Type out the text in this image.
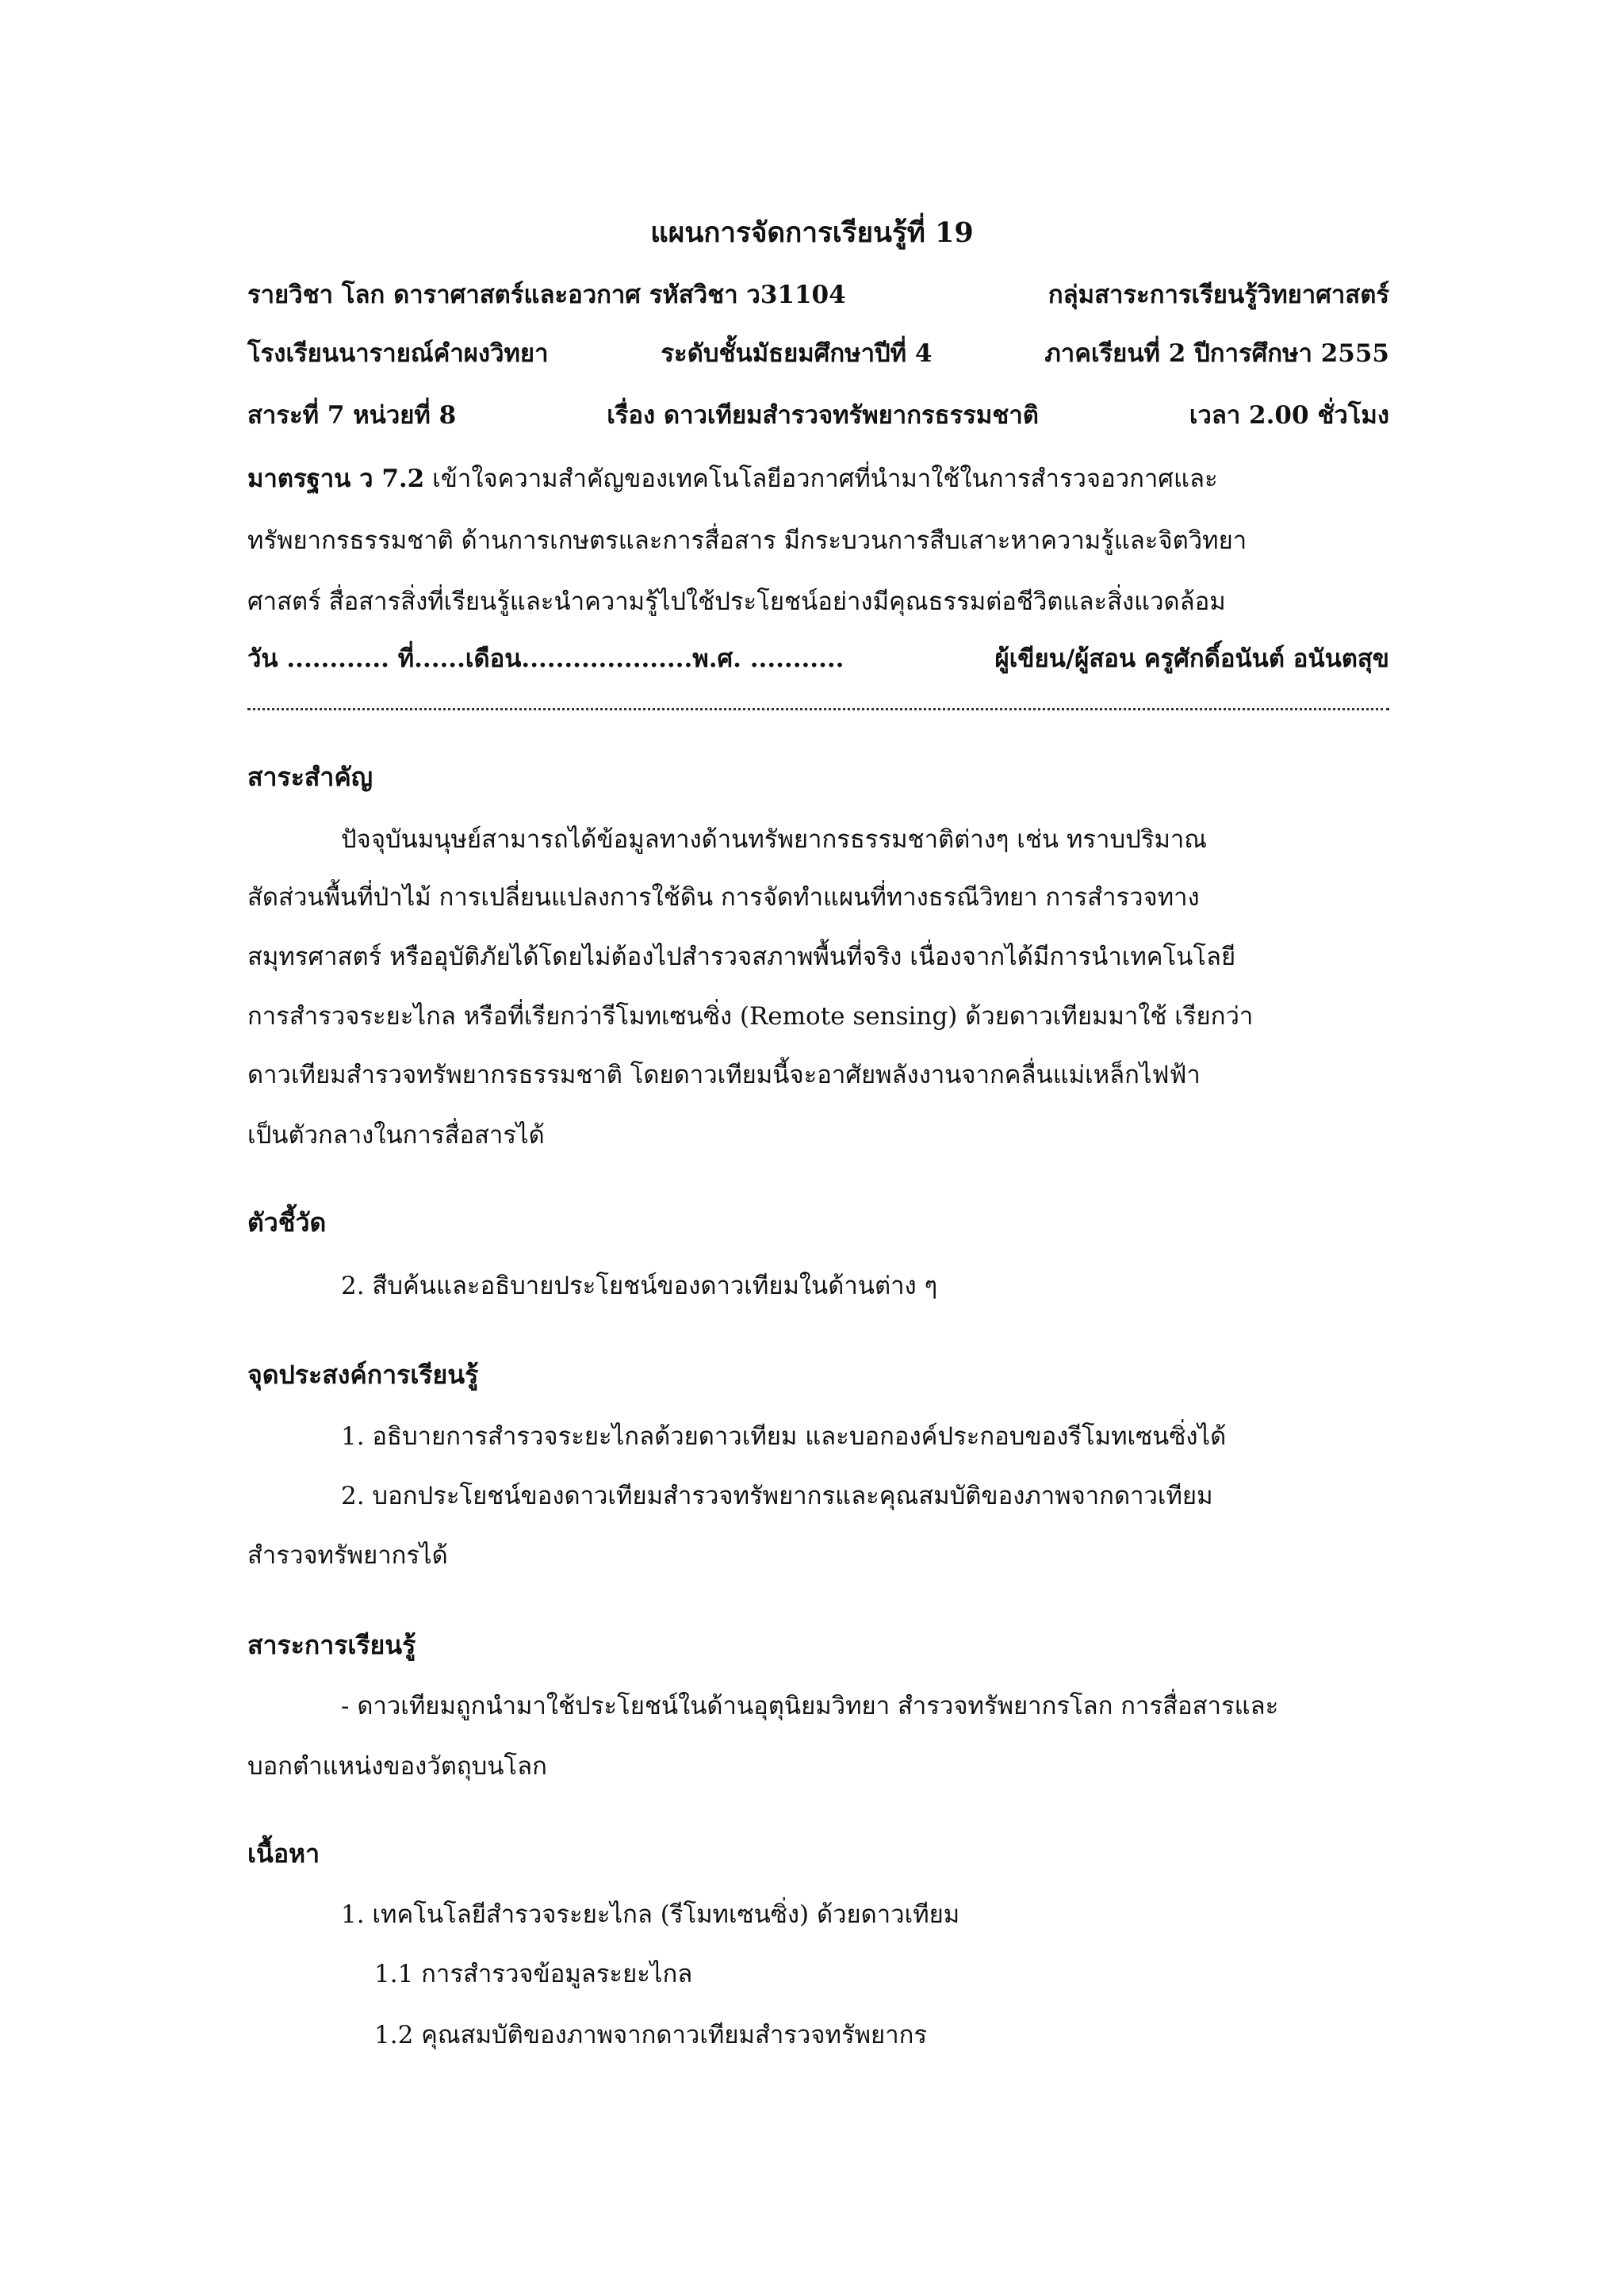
แผนการจัดการเรียนรู้ที่ 19
รายวิชา โลก ดาราศาสตร์และอวกาศ รหัสวิชา ว31104	กลุ่มสาระการเรียนรู้วิทยาศาสตร์
โรงเรียนนารายณ์คำผงวิทยา	ระดับชั้นมัธยมศึกษาปีที่ 4	ภาคเรียนที่ 2 ปีการศึกษา 2555
สาระที่ 7 หน่วยที่ 8	เรื่อง ดาวเทียมสำรวจทรัพยากรธรรมชาติ	เวลา 2.00 ชั่วโมง
มาตรฐาน ว 7.2 เข้าใจความสำคัญของเทคโนโลยีอวกาศที่นำมาใช้ในการสำรวจอวกาศและ
ทรัพยากรธรรมชาติ ด้านการเกษตรและการสื่อสาร มีกระบวนการสืบเสาะหาความรู้และจิตวิทยา
ศาสตร์ สื่อสารสิ่งที่เรียนรู้และนำความรู้ไปใช้ประโยชน์อย่างมีคุณธรรมต่อชีวิตและสิ่งแวดล้อม
วัน ............ ที่......เดือน....................พ.ศ. ...........	ผู้เขียน/ผู้สอน ครูศักดิ์อนันต์ อนันตสุข
สาระสำคัญ
ปัจจุบันมนุษย์สามารถได้ข้อมูลทางด้านทรัพยากรธรรมชาติต่างๆ เช่น ทราบปริมาณ
สัดส่วนพื้นที่ป่าไม้ การเปลี่ยนแปลงการใช้ดิน การจัดทำแผนที่ทางธรณีวิทยา การสำรวจทาง
สมุทรศาสตร์ หรืออุบัติภัยได้โดยไม่ต้องไปสำรวจสภาพพื้นที่จริง เนื่องจากได้มีการนำเทคโนโลยี
การสำรวจระยะไกล หรือที่เรียกว่ารีโมทเซนซิ่ง (Remote sensing) ด้วยดาวเทียมมาใช้ เรียกว่า
ดาวเทียมสำรวจทรัพยากรธรรมชาติ โดยดาวเทียมนี้จะอาศัยพลังงานจากคลื่นแม่เหล็กไฟฟ้า
เป็นตัวกลางในการสื่อสารได้
ตัวชี้วัด
2. สืบค้นและอธิบายประโยชน์ของดาวเทียมในด้านต่าง ๆ
จุดประสงค์การเรียนรู้
1. อธิบายการสำรวจระยะไกลด้วยดาวเทียม และบอกองค์ประกอบของรีโมทเซนซิ่งได้
2. บอกประโยชน์ของดาวเทียมสำรวจทรัพยากรและคุณสมบัติของภาพจากดาวเทียม
สำรวจทรัพยากรได้
สาระการเรียนรู้
- ดาวเทียมถูกนำมาใช้ประโยชน์ในด้านอุตุนิยมวิทยา สำรวจทรัพยากรโลก การสื่อสารและ
บอกตำแหน่งของวัตถุบนโลก
เนื้อหา
1. เทคโนโลยีสำรวจระยะไกล (รีโมทเซนซิ่ง) ด้วยดาวเทียม
1.1 การสำรวจข้อมูลระยะไกล
1.2 คุณสมบัติของภาพจากดาวเทียมสำรวจทรัพยากร
